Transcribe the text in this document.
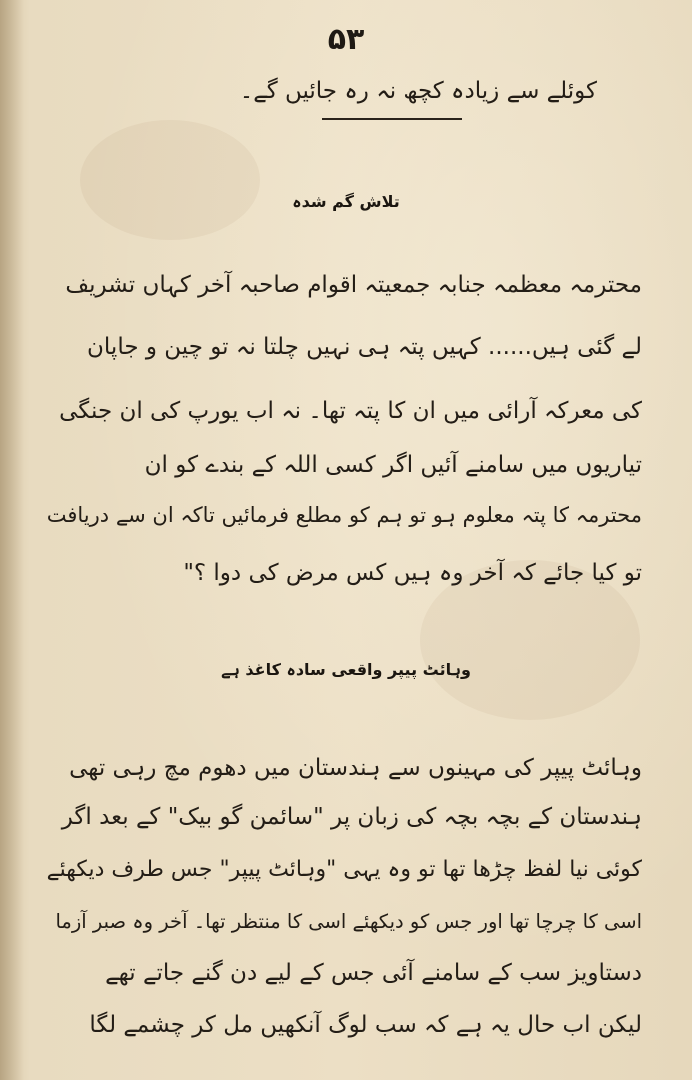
۵۳
کوئلے سے زیادہ کچھ نہ رہ جائیں گے۔
تلاش گم شدہ
محترمہ معظمہ جنابہ جمعیتہ اقوام صاحبہ آخر کہاں تشریف
لے گئی ہیں...... کہیں پتہ ہی نہیں چلتا نہ تو چین و جاپان
کی معرکہ آرائی میں ان کا پتہ تھا۔ نہ اب یورپ کی ان جنگی
تیاریوں میں سامنے آئیں اگر کسی اللہ کے بندے کو ان
محترمہ کا پتہ معلوم ہو تو ہم کو مطلع فرمائیں تاکہ ان سے دریافت
تو کیا جائے کہ آخر وہ ہیں کس مرض کی دوا ؟"
وہائٹ پیپر واقعی سادہ کاغذ ہے
وہائٹ پیپر کی مہینوں سے ہندستان میں دھوم مچ رہی تھی
ہندستان کے بچہ بچہ کی زبان پر "سائمن گو بیک" کے بعد اگر
کوئی نیا لفظ چڑھا تھا تو وہ یہی "وہائٹ پیپر" جس طرف دیکھئے
اسی کا چرچا تھا اور جس کو دیکھئے اسی کا منتظر تھا۔ آخر وہ صبر آزما
دستاویز سب کے سامنے آئی جس کے لیے دن گنے جاتے تھے
لیکن اب حال یہ ہے کہ سب لوگ آنکھیں مل کر چشمے لگا
